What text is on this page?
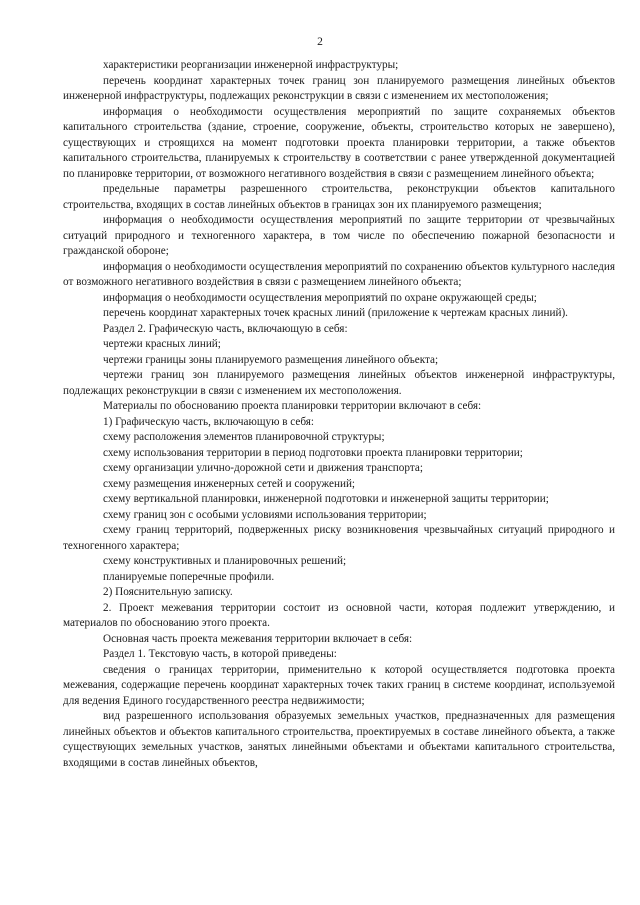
2

характеристики реорганизации инженерной инфраструктуры;

перечень координат характерных точек границ зон планируемого размещения линейных объектов инженерной инфраструктуры, подлежащих реконструкции в связи с изменением их местоположения;

информация о необходимости осуществления мероприятий по защите сохраняемых объектов капитального строительства (здание, строение, сооружение, объекты, строительство которых не завершено), существующих и строящихся на момент подготовки проекта планировки территории, а также объектов капитального строительства, планируемых к строительству в соответствии с ранее утвержденной документацией по планировке территории, от возможного негативного воздействия в связи с размещением линейного объекта;

предельные параметры разрешенного строительства, реконструкции объектов капитального строительства, входящих в состав линейных объектов в границах зон их планируемого размещения;

информация о необходимости осуществления мероприятий по защите территории от чрезвычайных ситуаций природного и техногенного характера, в том числе по обеспечению пожарной безопасности и гражданской обороне;

информация о необходимости осуществления мероприятий по сохранению объектов культурного наследия от возможного негативного воздействия в связи с размещением линейного объекта;

информация о необходимости осуществления мероприятий по охране окружающей среды;

перечень координат характерных точек красных линий (приложение к чертежам красных линий).

Раздел 2. Графическую часть, включающую в себя:

чертежи красных линий;

чертежи границы зоны планируемого размещения линейного объекта;

чертежи границ зон планируемого размещения линейных объектов инженерной инфраструктуры, подлежащих реконструкции в связи с изменением их местоположения.

Материалы по обоснованию проекта планировки территории включают в себя:

1) Графическую часть, включающую в себя:

схему расположения элементов планировочной структуры;

схему использования территории в период подготовки проекта планировки территории;

схему организации улично-дорожной сети и движения транспорта;

схему размещения инженерных сетей и сооружений;

схему вертикальной планировки, инженерной подготовки и инженерной защиты территории;

схему границ зон с особыми условиями использования территории;

схему границ территорий, подверженных риску возникновения чрезвычайных ситуаций природного и техногенного характера;

схему конструктивных и планировочных решений;

планируемые поперечные профили.

2) Пояснительную записку.

2. Проект межевания территории состоит из основной части, которая подлежит утверждению, и материалов по обоснованию этого проекта.

Основная часть проекта межевания территории включает в себя:

Раздел 1. Текстовую часть, в которой приведены:

сведения о границах территории, применительно к которой осуществляется подготовка проекта межевания, содержащие перечень координат характерных точек таких границ в системе координат, используемой для ведения Единого государственного реестра недвижимости;

вид разрешенного использования образуемых земельных участков, предназначенных для размещения линейных объектов и объектов капитального строительства, проектируемых в составе линейного объекта, а также существующих земельных участков, занятых линейными объектами и объектами капитального строительства, входящими в состав линейных объектов,
